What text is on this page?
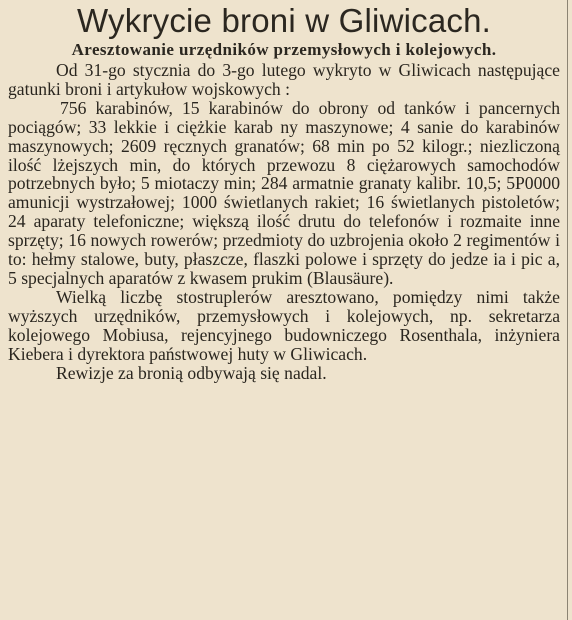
Wykrycie broni w Gliwicach.
Aresztowanie urzędników przemysłowych i kolejowych.

Od 31-go stycznia do 3-go lutego wykryto w Gliwicach następujące gatunki broni i artykułow wojskowych :

756 karabinów, 15 karabinów do obrony od tanków i pancernych pociągów; 33 lekkie i ciężkie karab ny maszynowe; 4 sanie do karabinów maszynowych; 2609 ręcznych granatów; 68 min po 52 kilogr.; niezliczoną ilość lżejszych min, do których przewozu 8 ciężarowych samochodów potrzebnych było; 5 miotaczy min; 284 armatnie granaty kalibr. 10,5; 5P0000 amunicji wystrzałowej; 1000 świetlanych rakiet; 16 świetlanych pistoletów; 24 aparaty telefoniczne; większą ilość drutu do telefonów i rozmaite inne sprzęty; 16 nowych rowerów; przedmioty do uzbrojenia około 2 regimentów i to: hełmy stalowe, buty, płaszcze, flaszki polowe i sprzęty do jedze ia i pic a, 5 specjalnych aparatów z kwasem prukim (Blausäure).

Wielką liczbę stostruplerów aresztowano, pomiędzy nimi także wyższych urzędników, przemysłowych i kolejowych, np. sekretarza kolejowego Mobiusa, rejencyjnego budowniczego Rosenthala, inżyniera Kiebera i dyrektora państwowej huty w Gliwicach.

Rewizje za bronią odbywają się nadal.
